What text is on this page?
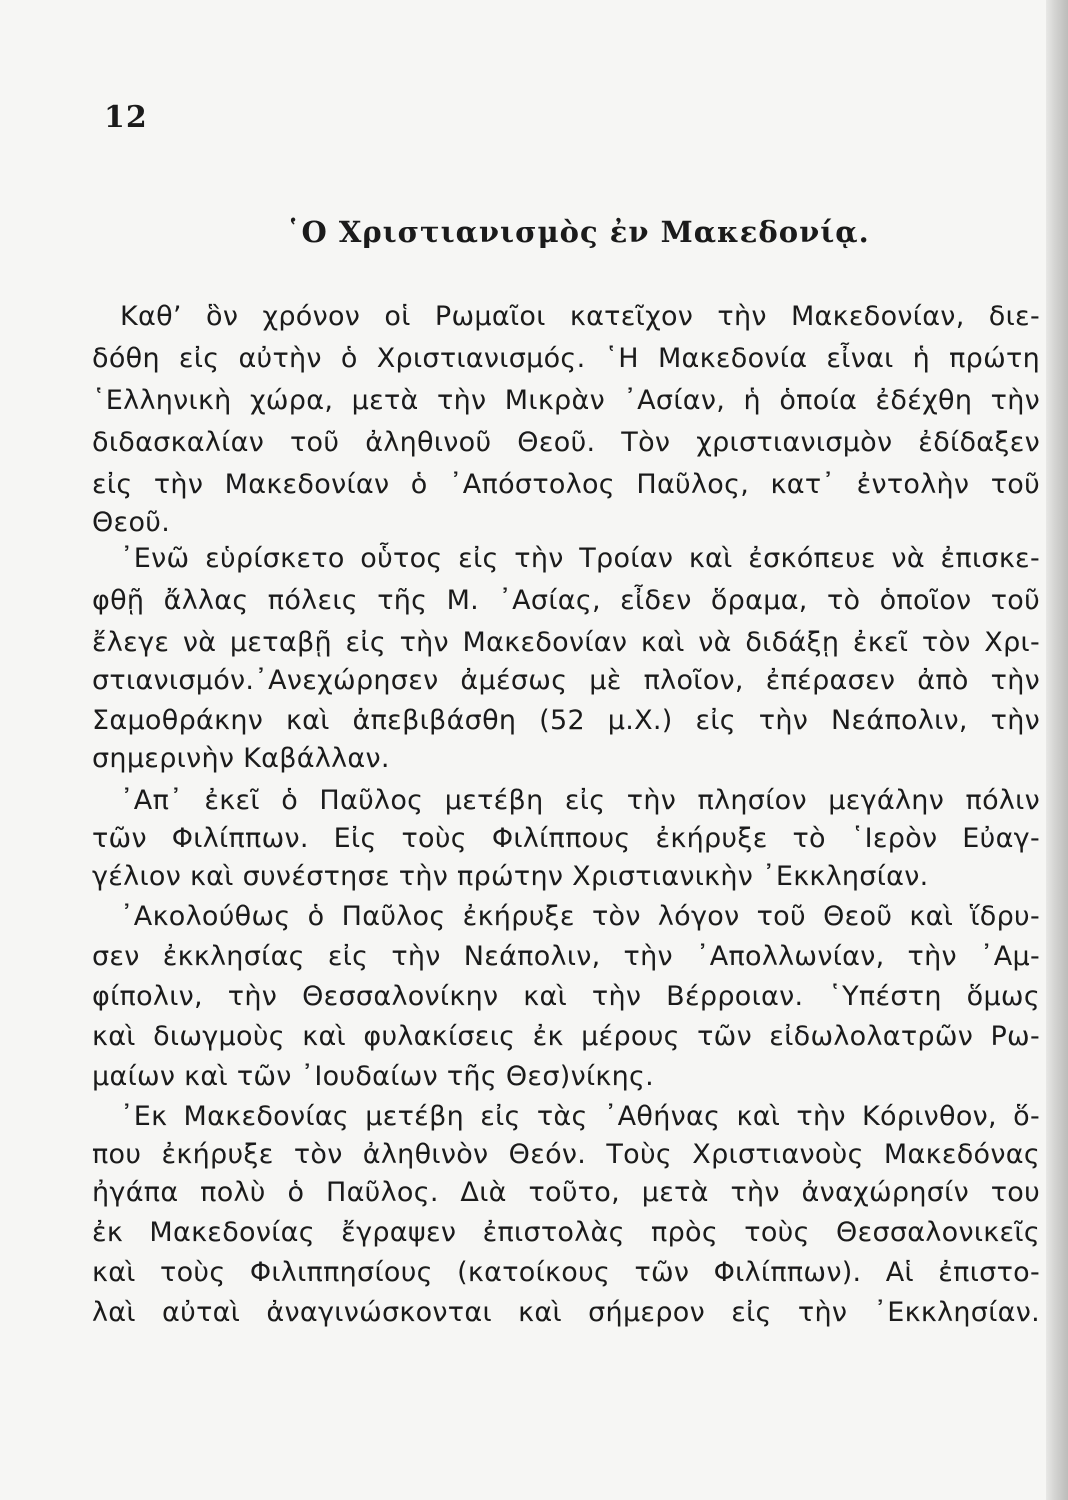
12
῾Ο Χριστιανισμὸς ἐν Μακεδονίᾳ.
Καθ’ ὃν χρόνον οἱ Ρωμαῖοι κατεῖχον τὴν Μακεδονίαν, διε-
δόθη εἰς αὐτὴν ὁ Χριστιανισμός. ῾Η Μακεδονία εἶναι ἡ πρώτη
῾Ελληνικὴ χώρα, μετὰ τὴν Μικρὰν ᾿Ασίαν, ἡ ὁποία ἐδέχθη τὴν
διδασκαλίαν τοῦ ἀληθινοῦ Θεοῦ. Τὸν χριστιανισμὸν ἐδίδαξεν
εἰς τὴν Μακεδονίαν ὁ ᾿Απόστολος Παῦλος, κατ᾿ ἐντολὴν τοῦ
Θεοῦ.
᾿Ενῶ εὑρίσκετο οὗτος εἰς τὴν Τροίαν καὶ ἐσκόπευε νὰ ἐπισκε-
φθῇ ἄλλας πόλεις τῆς Μ. ᾿Ασίας, εἶδεν ὅραμα, τὸ ὁποῖον τοῦ
ἔλεγε νὰ μεταβῇ εἰς τὴν Μακεδονίαν καὶ νὰ διδάξῃ ἐκεῖ τὸν Χρι-
στιανισμόν.᾿Ανεχώρησεν ἀμέσως μὲ πλοῖον, ἐπέρασεν ἀπὸ τὴν
Σαμοθράκην καὶ ἀπεβιβάσθη (52 μ.Χ.) εἰς τὴν Νεάπολιν, τὴν
σημερινὴν Καβάλλαν.
᾿Απ᾿ ἐκεῖ ὁ Παῦλος μετέβη εἰς τὴν πλησίον μεγάλην πόλιν
τῶν Φιλίππων. Εἰς τοὺς Φιλίππους ἐκήρυξε τὸ ῾Ιερὸν Εὐαγ-
γέλιον καὶ συνέστησε τὴν πρώτην Χριστιανικὴν ᾿Εκκλησίαν.
᾿Ακολούθως ὁ Παῦλος ἐκήρυξε τὸν λόγον τοῦ Θεοῦ καὶ ἵδρυ-
σεν ἐκκλησίας εἰς τὴν Νεάπολιν, τὴν ᾿Απολλωνίαν, τὴν ᾿Αμ-
φίπολιν, τὴν Θεσσαλονίκην καὶ τὴν Βέρροιαν. ῾Υπέστη ὅμως
καὶ διωγμοὺς καὶ φυλακίσεις ἐκ μέρους τῶν εἰδωλολατρῶν Ρω-
μαίων καὶ τῶν ᾿Ιουδαίων τῆς Θεσ)νίκης.
᾿Εκ Μακεδονίας μετέβη εἰς τὰς ᾿Αθήνας καὶ τὴν Κόρινθον, ὅ-
που ἐκήρυξε τὸν ἀληθινὸν Θεόν. Τοὺς Χριστιανοὺς Μακεδόνας
ἠγάπα πολὺ ὁ Παῦλος. Διὰ τοῦτο, μετὰ τὴν ἀναχώρησίν του
ἐκ Μακεδονίας ἔγραψεν ἐπιστολὰς πρὸς τοὺς Θεσσαλονικεῖς
καὶ τοὺς Φιλιππησίους (κατοίκους τῶν Φιλίππων). Αἱ ἐπιστο-
λαὶ αὐταὶ ἀναγινώσκονται καὶ σήμερον εἰς τὴν ᾿Εκκλησίαν.
